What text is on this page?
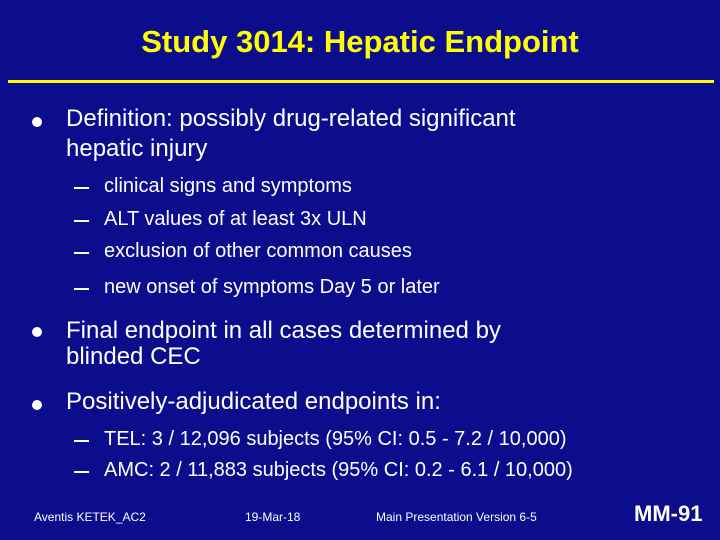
Study 3014: Hepatic Endpoint
Definition: possibly drug-related significant
hepatic injury
clinical signs and symptoms
ALT values of at least 3x ULN
exclusion of other common causes
new onset of symptoms Day 5 or later
Final endpoint in all cases determined by
blinded CEC
Positively-adjudicated endpoints in:
TEL: 3 / 12,096 subjects (95% CI: 0.5 - 7.2 / 10,000)
AMC: 2 / 11,883 subjects (95% CI: 0.2 - 6.1 / 10,000)
Aventis KETEK_AC2	19-Mar-18	Main Presentation Version 6-5	MM-91
